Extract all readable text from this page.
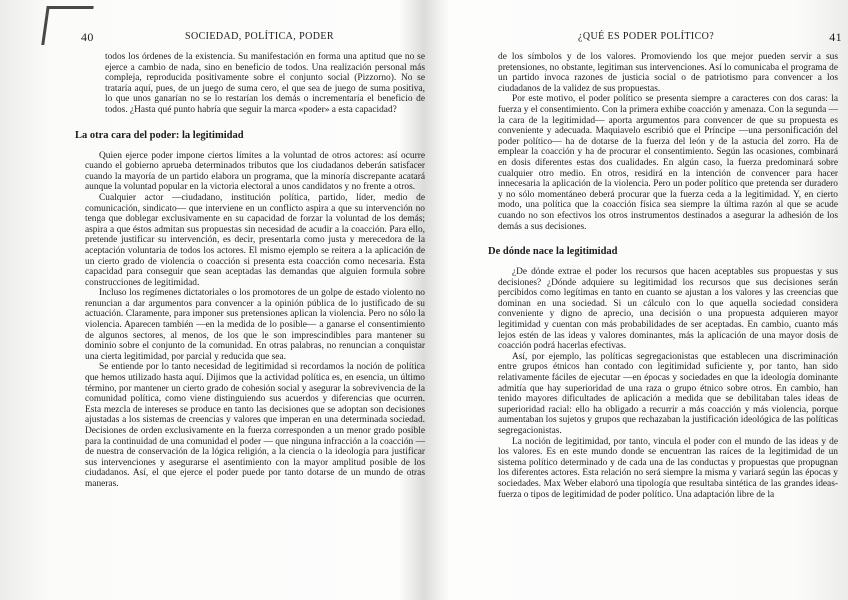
40	SOCIEDAD, POLÍTICA, PODER

todos los órdenes de la existencia. Su manifestación en forma una aptitud que no se ejerce a cambio de nada, sino en beneficio de todos. Una realización personal más compleja, reproducida positivamente sobre el conjunto social (Pizzorno). No se trataría aquí, pues, de un juego de suma cero, el que sea de juego de suma positiva, lo que unos ganarían no se lo restarían los demás o incrementaría el beneficio de todos. ¿Hasta qué punto habría que seguir la marca «poder» a esta capacidad?

La otra cara del poder: la legitimidad

Quien ejerce poder impone ciertos límites a la voluntad de otros actores: así ocurre cuando el gobierno aprueba determinados tributos que los ciudadanos deberán satisfacer cuando la mayoría de un partido elabora un programa, que la minoría discrepante acatará aunque la voluntad popular en la victoria electoral a unos candidatos y no frente a otros.

Cualquier actor —ciudadano, institución política, partido, líder, medio de comunicación, sindicato— que interviene en un conflicto aspira a que su intervención no tenga que doblegar exclusivamente en su capacidad de forzar la voluntad de los demás; aspira a que éstos admitan sus propuestas sin necesidad de acudir a la coacción. Para ello, pretende justificar su intervención, es decir, presentarla como justa y merecedora de la aceptación voluntaria de todos los actores. El mismo ejemplo se reitera a la aplicación de un cierto grado de violencia o coacción si presenta esta coacción como necesaria. Esta capacidad para conseguir que sean aceptadas las demandas que alguien formula sobre construcciones de legitimidad.

Incluso los regímenes dictatoriales o los promotores de un golpe de estado violento no renuncian a dar argumentos para convencer a la opinión pública de lo justificado de su actuación. Claramente, para imponer sus pretensiones aplican la violencia. Pero no sólo la violencia. Aparecen también —en la medida de lo posible— a ganarse el consentimiento de algunos sectores, al menos, de los que le son imprescindibles para mantener su dominio sobre el conjunto de la comunidad. En otras palabras, no renuncian a conquistar una cierta legitimidad, por parcial y reducida que sea.

Se entiende por lo tanto necesidad de legitimidad si recordamos la noción de política que hemos utilizado hasta aquí. Dijimos que la actividad política es, en esencia, un último término, por mantener un cierto grado de cohesión social y asegurar la sobrevivencia de la comunidad política, como viene distinguiendo sus acuerdos y diferencias que ocurren. Esta mezcla de intereses se produce en tanto las decisiones que se adoptan son decisiones ajustadas a los sistemas de creencias y valores que imperan en una determinada sociedad. Decisiones de orden exclusivamente en la fuerza corresponden a un menor grado posible para la continuidad de una comunidad el poder — que ninguna infracción a la coacción — de nuestra de conservación de la lógica religión, a la ciencia o la ideología para justificar sus intervenciones y asegurarse el asentimiento con la mayor amplitud posible de los ciudadanos. Así, el que ejerce el poder puede por tanto dotarse de un mundo de otras maneras.

¿QUÉ ES PODER POLÍTICO?	41

de los símbolos y de los valores. Promoviendo los que mejor pueden servir a sus pretensiones, no obstante, legitiman sus intervenciones. Así lo comunicaba el programa de un partido invoca razones de justicia social o de patriotismo para convencer a los ciudadanos de la validez de sus propuestas.

Por este motivo, el poder político se presenta siempre a caracteres con dos caras: la fuerza y el consentimiento. Con la primera exhibe coacción y amenaza. Con la segunda —la cara de la legitimidad— aporta argumentos para convencer de que su propuesta es conveniente y adecuada. Maquiavelo escribió que el Príncipe —una personificación del poder político— ha de dotarse de la fuerza del león y de la astucia del zorro. Ha de emplear la coacción y ha de procurar el consentimiento. Según las ocasiones, combinará en dosis diferentes estas dos cualidades. En algún caso, la fuerza predominará sobre cualquier otro medio. En otros, residirá en la intención de convencer para hacer innecesaria la aplicación de la violencia. Pero un poder político que pretenda ser duradero y no sólo momentáneo deberá procurar que la fuerza ceda a la legitimidad. Y, en cierto modo, una política que la coacción física sea siempre la última razón al que se acude cuando no son efectivos los otros instrumentos destinados a asegurar la adhesión de los demás a sus decisiones.

De dónde nace la legitimidad

¿De dónde extrae el poder los recursos que hacen aceptables sus propuestas y sus decisiones? ¿Dónde adquiere su legitimidad los recursos que sus decisiones serán percibidos como legítimas en tanto en cuanto se ajustan a los valores y las creencias que dominan en una sociedad. Si un cálculo con lo que aquella sociedad considera conveniente y digno de aprecio, una decisión o una propuesta adquieren mayor legitimidad y cuentan con más probabilidades de ser aceptadas. En cambio, cuanto más lejos estén de las ideas y valores dominantes, más la aplicación de una mayor dosis de coacción podrá hacerlas efectivas.

Así, por ejemplo, las políticas segregacionistas que establecen una discriminación entre grupos étnicos han contado con legitimidad suficiente y, por tanto, han sido relativamente fáciles de ejecutar —en épocas y sociedades en que la ideología dominante admitía que hay superioridad de una raza o grupo étnico sobre otros. En cambio, han tenido mayores dificultades de aplicación a medida que se debilitaban tales ideas de superioridad racial: ello ha obligado a recurrir a más coacción y más violencia, porque aumentaban los sujetos y grupos que rechazaban la justificación ideológica de las políticas segregacionistas.

La noción de legitimidad, por tanto, vincula el poder con el mundo de las ideas y de los valores. Es en este mundo donde se encuentran las raíces de la legitimidad de un sistema político determinado y de cada una de las conductas y propuestas que propugnan los diferentes actores. Esta relación no será siempre la misma y variará según las épocas y sociedades. Max Weber elaboró una tipología que resultaba sintética de las grandes ideas-fuerza o tipos de legitimidad de poder político. Una adaptación libre de la
